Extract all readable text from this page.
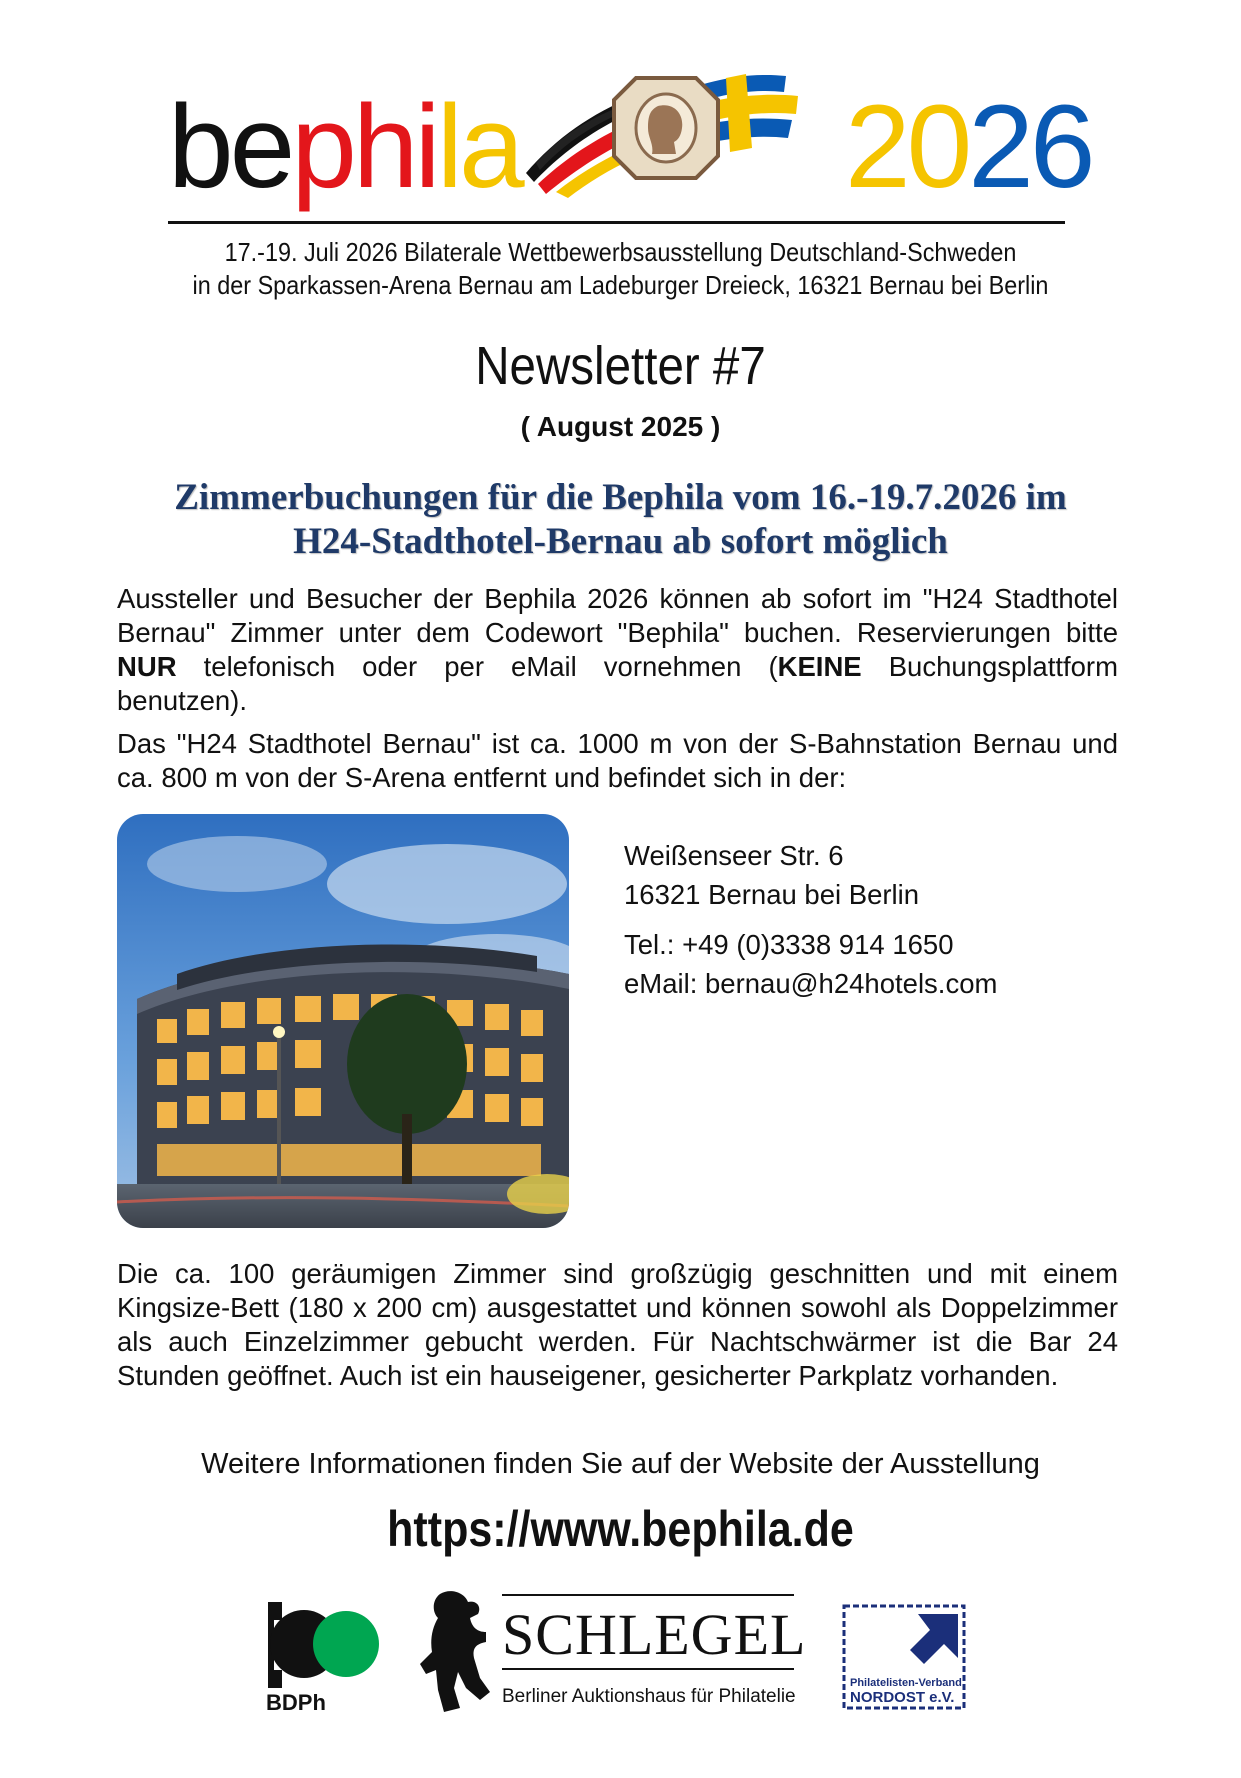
bephila	2026
17.-19. Juli 2026 Bilaterale Wettbewerbsausstellung Deutschland-Schweden
in der Sparkassen-Arena Bernau am Ladeburger Dreieck, 16321 Bernau bei Berlin
Newsletter #7
( August 2025 )
Zimmerbuchungen für die Bephila vom 16.-19.7.2026 im
H24-Stadthotel-Bernau ab sofort möglich
Aussteller und Besucher der Bephila 2026 können ab sofort im "H24 Stadthotel Bernau" Zimmer unter dem Codewort "Bephila" buchen. Reservierungen bitte NUR telefonisch oder per eMail vornehmen (KEINE Buchungsplattform benutzen).
Das "H24 Stadthotel Bernau" ist ca. 1000 m von der S-Bahnstation Bernau und ca. 800 m von der S-Arena entfernt und befindet sich in der:
Weißenseer Str. 6
16321 Bernau bei Berlin
Tel.: +49 (0)3338 914 1650
eMail: bernau@h24hotels.com
Die ca. 100 geräumigen Zimmer sind großzügig geschnitten und mit einem Kingsize-Bett (180 x 200 cm) ausgestattet und können sowohl als Doppelzimmer als auch Einzelzimmer gebucht werden. Für Nachtschwärmer ist die Bar 24 Stunden geöffnet. Auch ist ein hauseigener, gesicherter Parkplatz vorhanden.
Weitere Informationen finden Sie auf der Website der Ausstellung
https://www.bephila.de
BDPh
SCHLEGEL
Berliner Auktionshaus für Philatelie
Philatelisten-Verband
NORDOST e.V.
